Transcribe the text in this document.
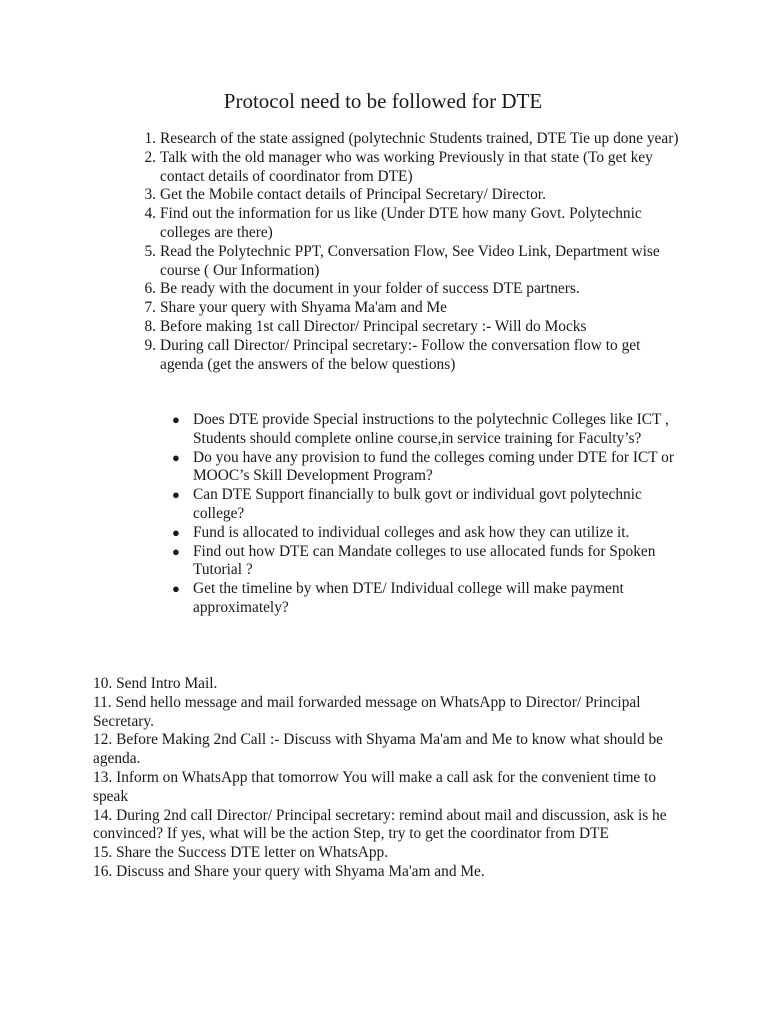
Protocol need to be followed for DTE
1. Research of the state assigned (polytechnic Students trained, DTE Tie up done year)
2. Talk with the old manager who was working Previously in that state (To get key contact details of coordinator from DTE)
3. Get the Mobile contact details of Principal Secretary/ Director.
4. Find out the information for us like (Under DTE how many Govt. Polytechnic colleges are there)
5. Read the Polytechnic PPT, Conversation Flow, See Video Link, Department wise course ( Our Information)
6. Be ready with the document in your folder of success DTE partners.
7. Share your query with Shyama Ma'am and Me
8. Before making 1st call Director/ Principal secretary :- Will do Mocks
9. During call Director/ Principal secretary:- Follow the conversation flow to get agenda (get the answers of the below questions)
● Does DTE provide Special instructions to the polytechnic Colleges like ICT , Students should complete online course,in service training for Faculty’s?
● Do you have any provision to fund the colleges coming under DTE for ICT or MOOC’s Skill Development Program?
● Can DTE Support financially to bulk govt or individual govt polytechnic college?
● Fund is allocated to individual colleges and ask how they can utilize it.
● Find out how DTE can Mandate colleges to use allocated funds for Spoken Tutorial ?
● Get the timeline by when DTE/ Individual college will make payment approximately?
10. Send Intro Mail.
11. Send hello message and mail forwarded message on WhatsApp to Director/ Principal Secretary.
12. Before Making 2nd Call :- Discuss with Shyama Ma'am and Me to know what should be agenda.
13. Inform on WhatsApp that tomorrow You will make a call ask for the convenient time to speak
14. During 2nd call Director/ Principal secretary: remind about mail and discussion, ask is he convinced? If yes, what will be the action Step, try to get the coordinator from DTE
15. Share the Success DTE letter on WhatsApp.
16. Discuss and Share your query with Shyama Ma'am and Me.
